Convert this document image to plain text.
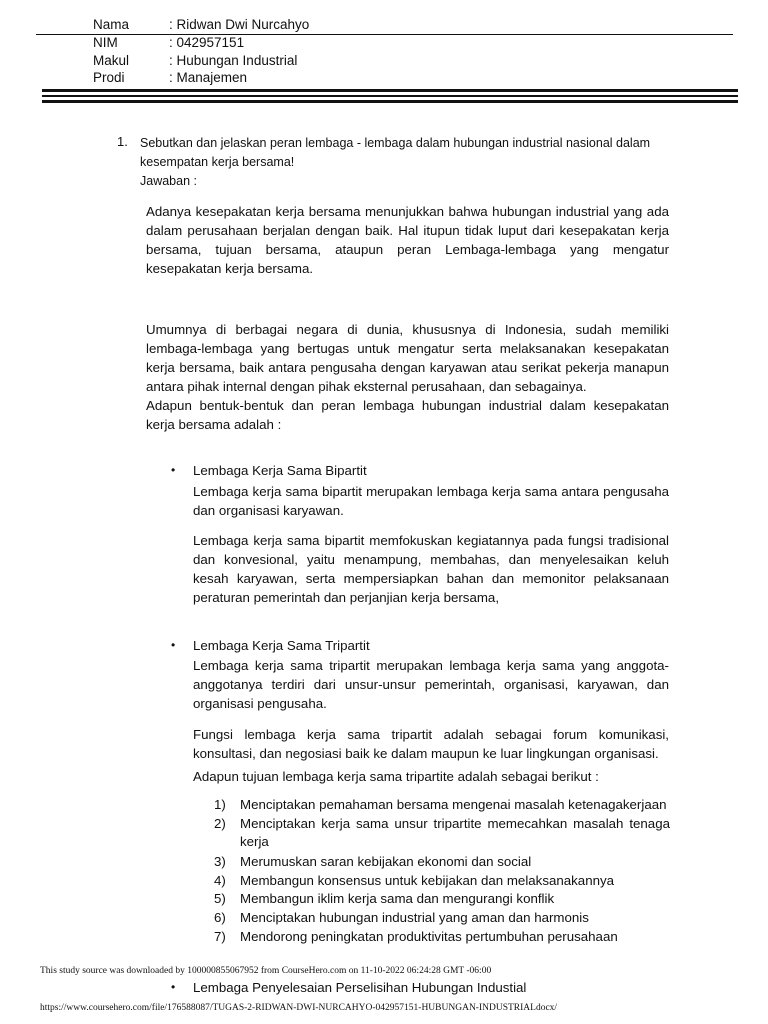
Nama	: Ridwan Dwi Nurcahyo
NIM	: 042957151
Makul	: Hubungan Industrial
Prodi	: Manajemen
1. Sebutkan dan jelaskan peran lembaga - lembaga dalam hubungan industrial nasional dalam
kesempatan kerja bersama!
Jawaban :

Adanya kesepakatan kerja bersama menunjukkan bahwa hubungan industrial yang ada dalam perusahaan berjalan dengan baik. Hal itupun tidak luput dari kesepakatan kerja bersama, tujuan bersama, ataupun peran Lembaga-lembaga yang mengatur kesepakatan kerja bersama.

Umumnya di berbagai negara di dunia, khususnya di Indonesia, sudah memiliki lembaga-lembaga yang bertugas untuk mengatur serta melaksanakan kesepakatan kerja bersama, baik antara pengusaha dengan karyawan atau serikat pekerja manapun antara pihak internal dengan pihak eksternal perusahaan, dan sebagainya.

Adapun bentuk-bentuk dan peran lembaga hubungan industrial dalam kesepakatan kerja bersama adalah :

• Lembaga Kerja Sama Bipartit

Lembaga kerja sama bipartit merupakan lembaga kerja sama antara pengusaha dan organisasi karyawan.

Lembaga kerja sama bipartit memfokuskan kegiatannya pada fungsi tradisional dan konvesional, yaitu menampung, membahas, dan menyelesaikan keluh kesah karyawan, serta mempersiapkan bahan dan memonitor pelaksanaan peraturan pemerintah dan perjanjian kerja bersama,

• Lembaga Kerja Sama Tripartit

Lembaga kerja sama tripartit merupakan lembaga kerja sama yang anggota-anggotanya terdiri dari unsur-unsur pemerintah, organisasi, karyawan, dan organisasi pengusaha.

Fungsi lembaga kerja sama tripartit adalah sebagai forum komunikasi, konsultasi, dan negosiasi baik ke dalam maupun ke luar lingkungan organisasi.

Adapun tujuan lembaga kerja sama tripartite adalah sebagai berikut :

1) Menciptakan pemahaman bersama mengenai masalah ketenagakerjaan
2) Menciptakan kerja sama unsur tripartite memecahkan masalah tenaga kerja
3) Merumuskan saran kebijakan ekonomi dan social
4) Membangun konsensus untuk kebijakan dan melaksanakannya
5) Membangun iklim kerja sama dan mengurangi konflik
6) Menciptakan hubungan industrial yang aman dan harmonis
7) Mendorong peningkatan produktivitas pertumbuhan perusahaan
This study source was downloaded by 100000855067952 from CourseHero.com on 11-10-2022 06:24:28 GMT -06:00
• Lembaga Penyelesaian Perselisihan Hubungan Industial
https://www.coursehero.com/file/176588087/TUGAS-2-RIDWAN-DWI-NURCAHYO-042957151-HUBUNGAN-INDUSTRIALdocx/
